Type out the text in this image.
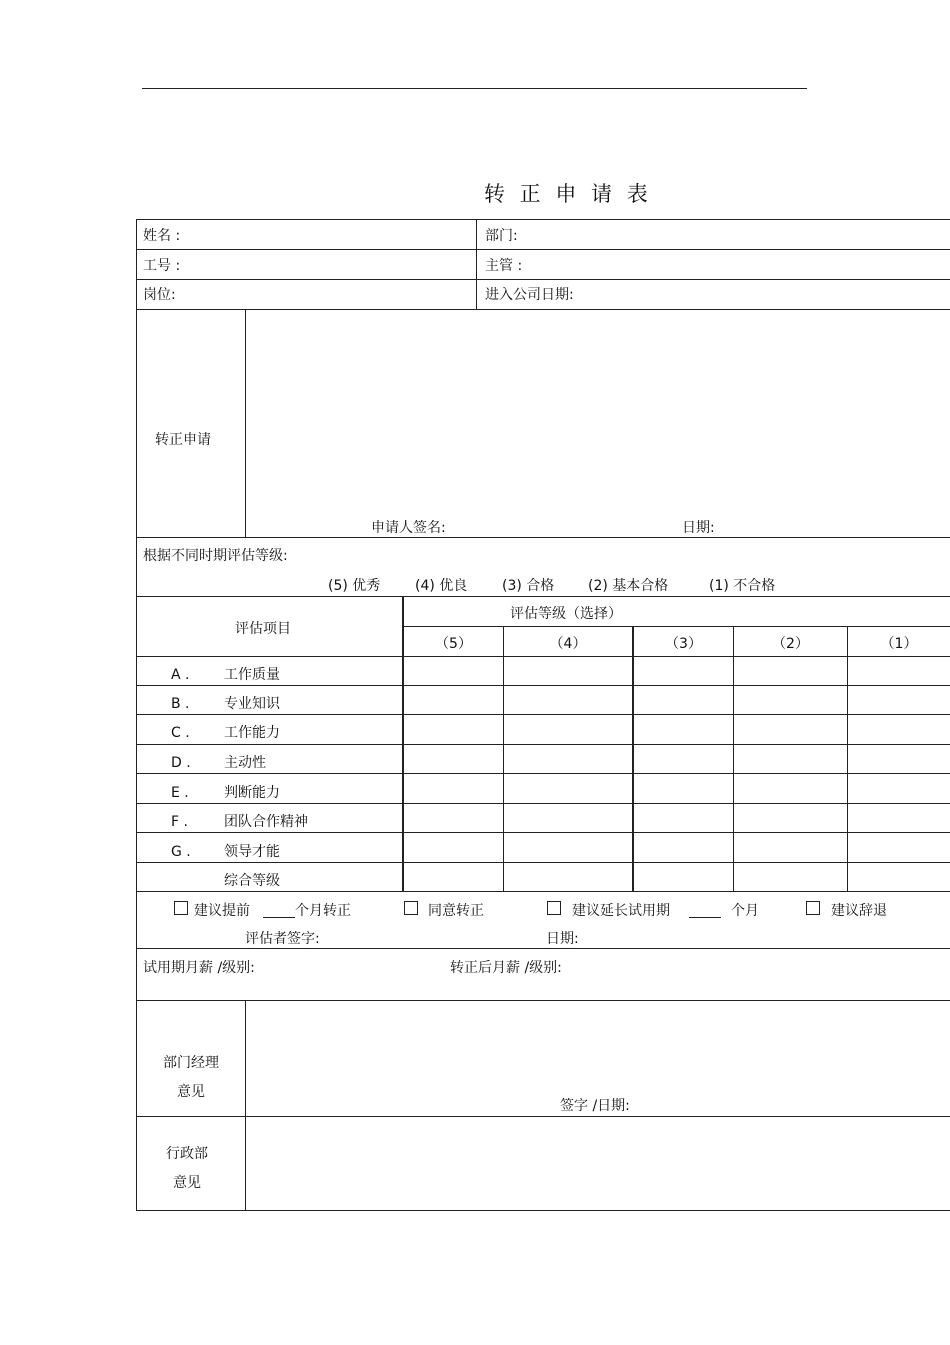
转 正 申 请 表
姓名 :	部门:
工号 :	主管 :
岗位:	进入公司日期:
转正申请
申请人签名:	日期:
根据不同时期评估等级:
(5) 优秀 (4) 优良 (3) 合格 (2) 基本合格	(1) 不合格
评估项目
评估等级（选择）
（5）	（4）	（3）	（2）	（1）
A . 工作质量
B . 专业知识
C . 工作能力
D . 主动性
E .	判断能力
F .	团队合作精神
G . 领导才能
综合等级
建议提前	个月转正	同意转正	建议延长试用期	个月	建议辞退
评估者签字:	日期:
试用期月薪 /级别:	转正后月薪 /级别:
部门经理
意见
签字 /日期:
行政部
意见
